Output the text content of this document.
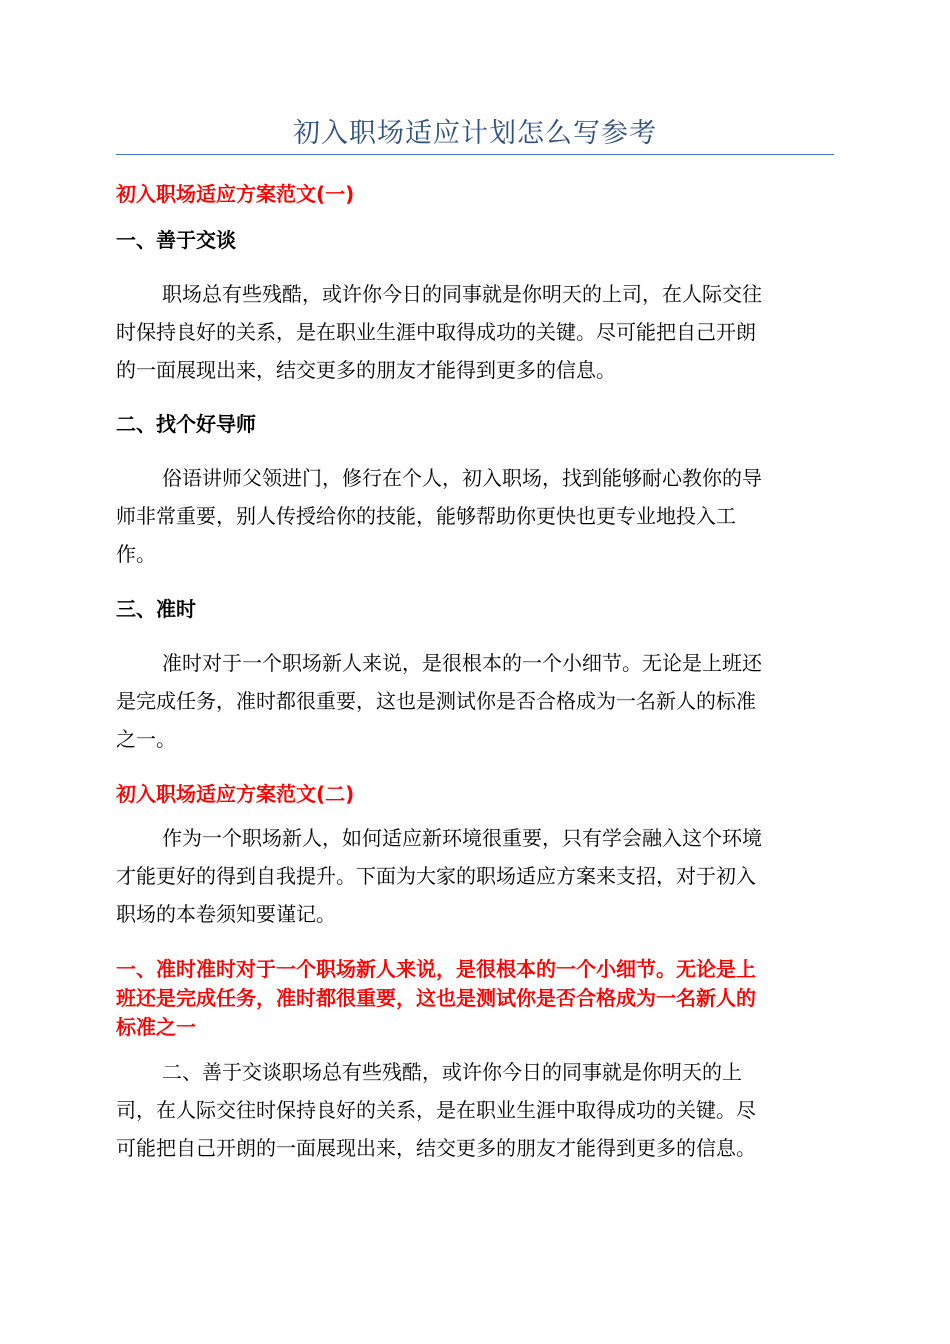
初入职场适应计划怎么写参考
初入职场适应方案范文(一)
一、善于交谈
职场总有些残酷，或许你今日的同事就是你明天的上司，在人际交往
时保持良好的关系，是在职业生涯中取得成功的关键。尽可能把自己开朗
的一面展现出来，结交更多的朋友才能得到更多的信息。
二、找个好导师
俗语讲师父领进门，修行在个人，初入职场，找到能够耐心教你的导
师非常重要，别人传授给你的技能，能够帮助你更快也更专业地投入工
作。
三、准时
准时对于一个职场新人来说，是很根本的一个小细节。无论是上班还
是完成任务，准时都很重要，这也是测试你是否合格成为一名新人的标准
之一。
初入职场适应方案范文(二)
作为一个职场新人，如何适应新环境很重要，只有学会融入这个环境
才能更好的得到自我提升。下面为大家的职场适应方案来支招，对于初入
职场的本卷须知要谨记。
一、准时准时对于一个职场新人来说，是很根本的一个小细节。无论是上
班还是完成任务，准时都很重要，这也是测试你是否合格成为一名新人的
标准之一
二、善于交谈职场总有些残酷，或许你今日的同事就是你明天的上
司，在人际交往时保持良好的关系，是在职业生涯中取得成功的关键。尽
可能把自己开朗的一面展现出来，结交更多的朋友才能得到更多的信息。
